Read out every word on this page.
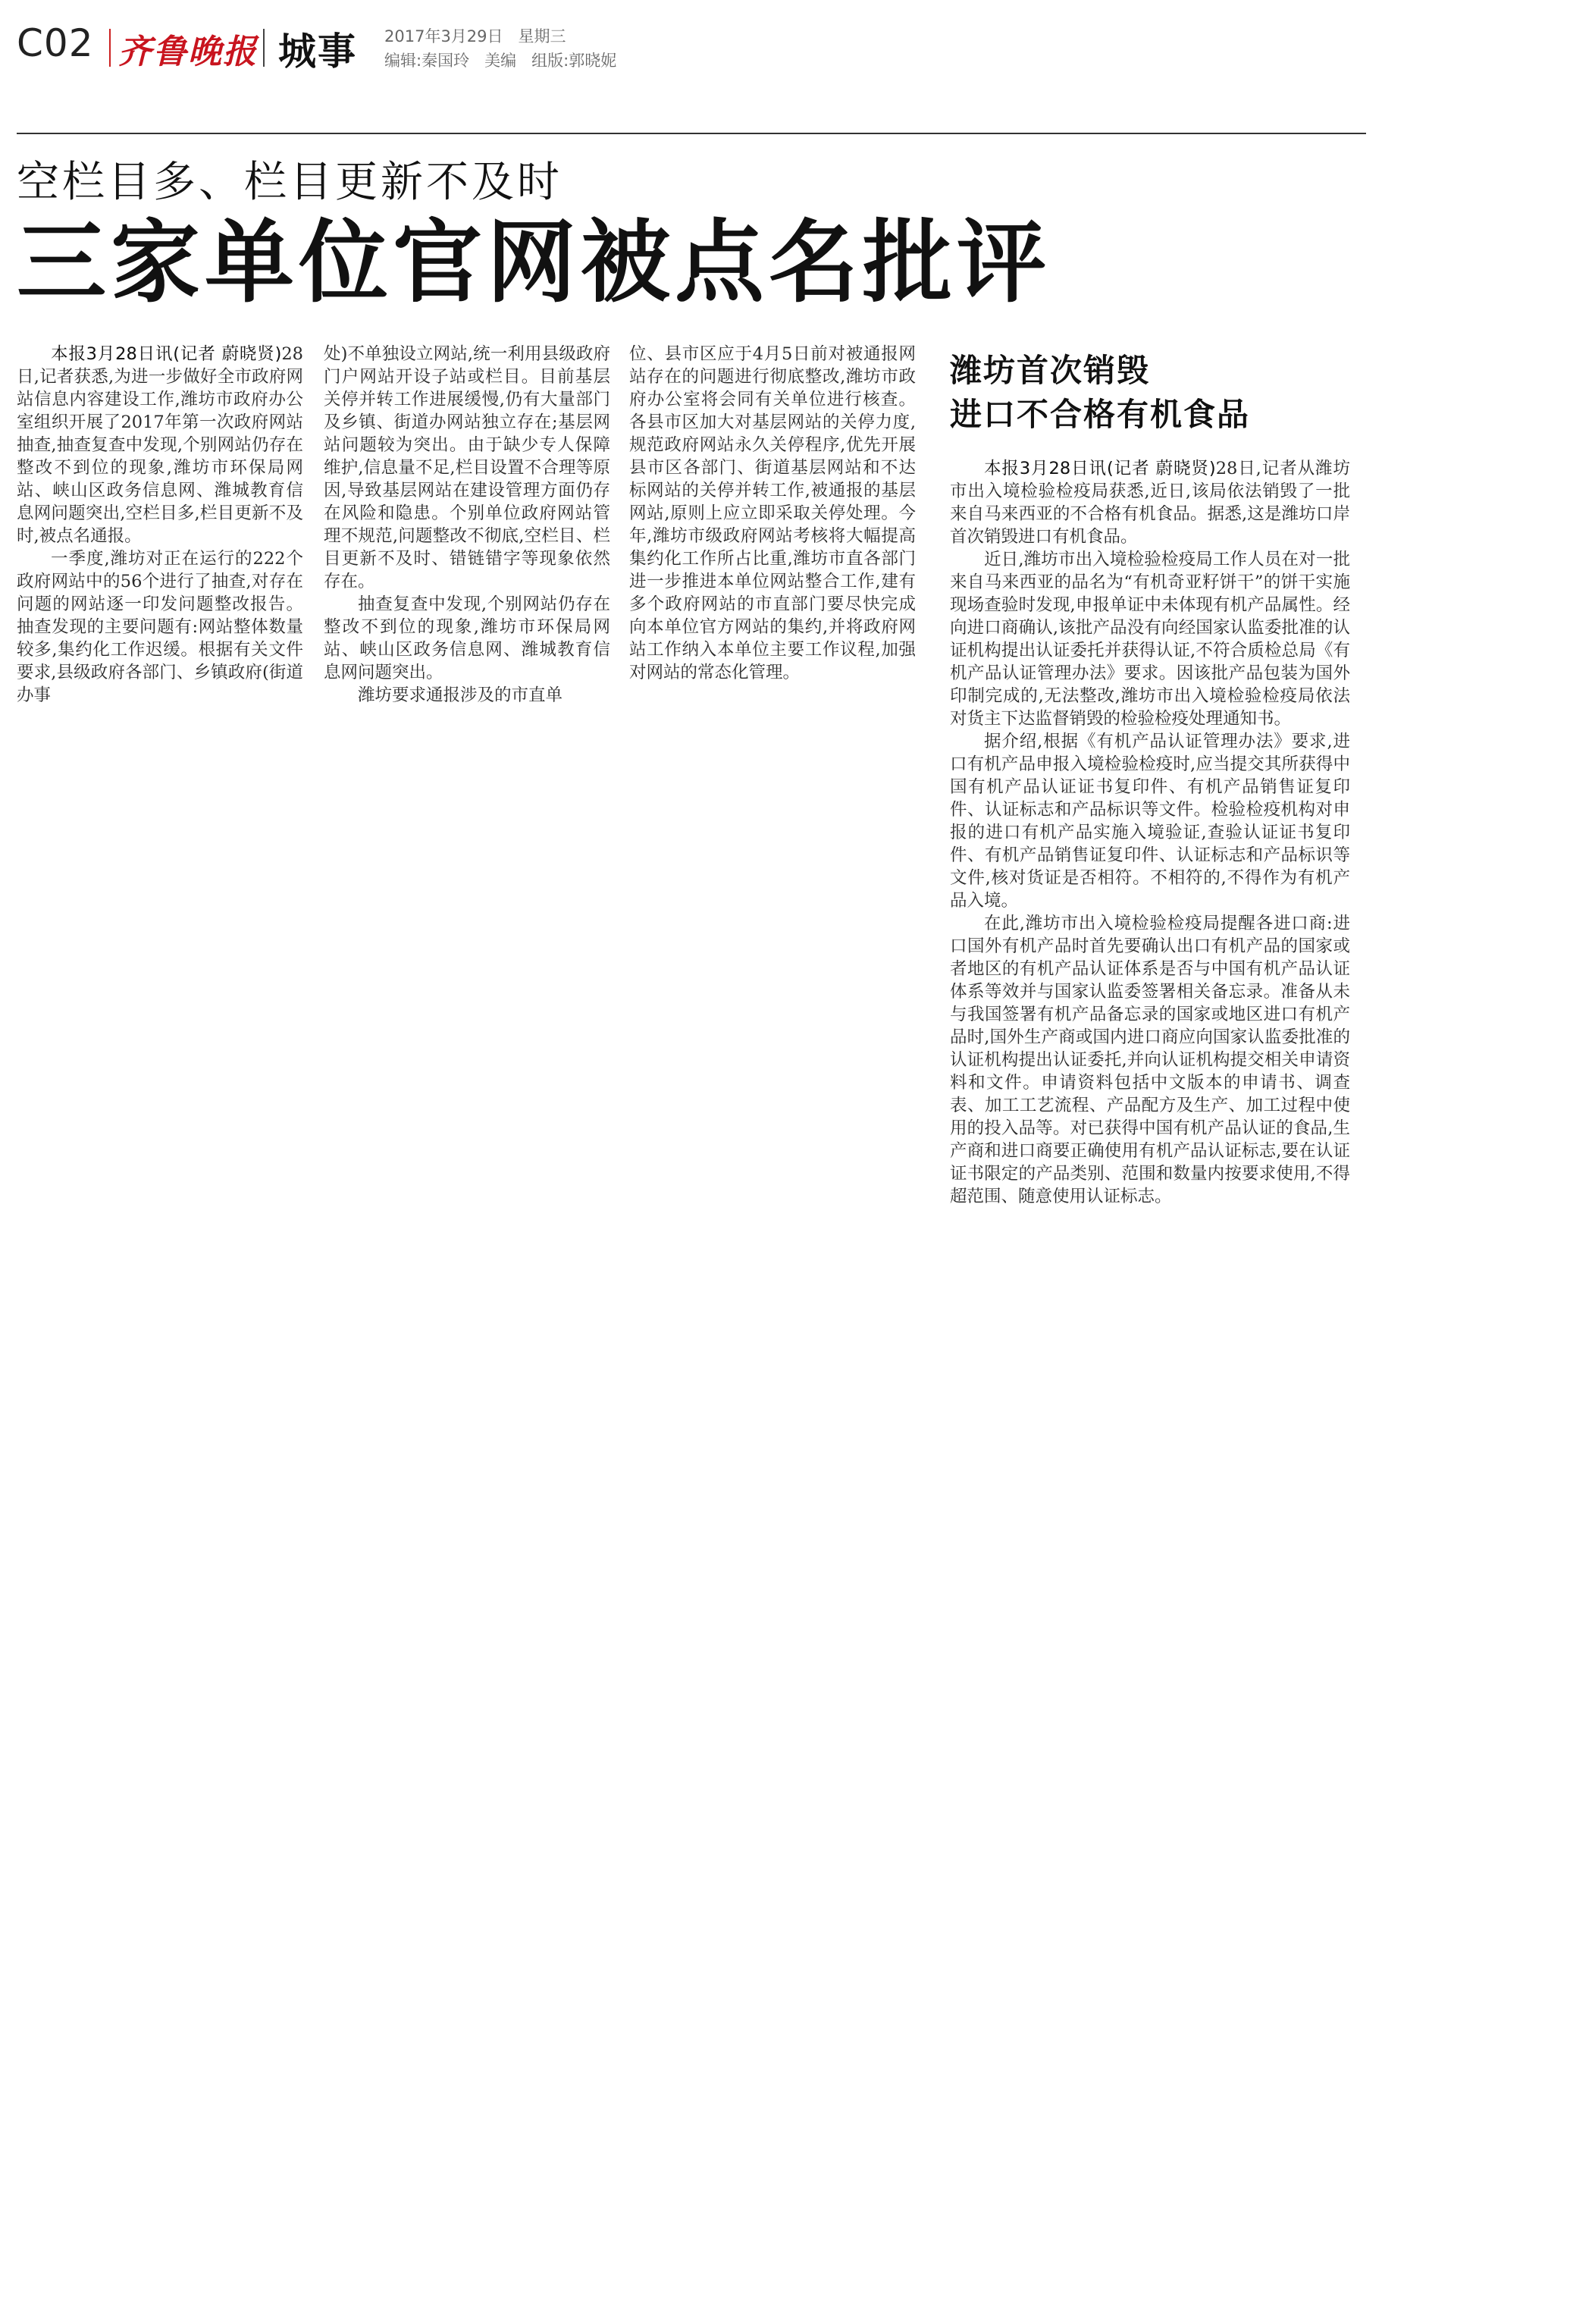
C02 齐鲁晚报 城事 2017年3月29日   星期三
编辑:秦国玲   美编   组版:郭晓妮
空栏目多、栏目更新不及时
三家单位官网被点名批评

本报3月28日讯(记者 蔚晓贤)28日,记者获悉,为进一步做好全市政府网站信息内容建设工作,潍坊市政府办公室组织开展了2017年第一次政府网站抽查,抽查复查中发现,个别网站仍存在整改不到位的现象,潍坊市环保局网站、峡山区政务信息网、潍城教育信息网问题突出,空栏目多,栏目更新不及时,被点名通报。

一季度,潍坊对正在运行的222个政府网站中的56个进行了抽查,对存在问题的网站逐一印发问题整改报告。抽查发现的主要问题有:网站整体数量较多,集约化工作迟缓。根据有关文件要求,县级政府各部门、乡镇政府(街道办事

处)不单独设立网站,统一利用县级政府门户网站开设子站或栏目。目前基层关停并转工作进展缓慢,仍有大量部门及乡镇、街道办网站独立存在;基层网站问题较为突出。由于缺少专人保障维护,信息量不足,栏目设置不合理等原因,导致基层网站在建设管理方面仍存在风险和隐患。个别单位政府网站管理不规范,问题整改不彻底,空栏目、栏目更新不及时、错链错字等现象依然存在。

抽查复查中发现,个别网站仍存在整改不到位的现象,潍坊市环保局网站、峡山区政务信息网、潍城教育信息网问题突出。

潍坊要求通报涉及的市直单

位、县市区应于4月5日前对被通报网站存在的问题进行彻底整改,潍坊市政府办公室将会同有关单位进行核查。各县市区加大对基层网站的关停力度,规范政府网站永久关停程序,优先开展县市区各部门、街道基层网站和不达标网站的关停并转工作,被通报的基层网站,原则上应立即采取关停处理。今年,潍坊市级政府网站考核将大幅提高集约化工作所占比重,潍坊市直各部门进一步推进本单位网站整合工作,建有多个政府网站的市直部门要尽快完成向本单位官方网站的集约,并将政府网站工作纳入本单位主要工作议程,加强对网站的常态化管理。

潍坊首次销毁
进口不合格有机食品

本报3月28日讯(记者 蔚晓贤)28日,记者从潍坊市出入境检验检疫局获悉,近日,该局依法销毁了一批来自马来西亚的不合格有机食品。据悉,这是潍坊口岸首次销毁进口有机食品。

近日,潍坊市出入境检验检疫局工作人员在对一批来自马来西亚的品名为“有机奇亚籽饼干”的饼干实施现场查验时发现,申报单证中未体现有机产品属性。经向进口商确认,该批产品没有向经国家认监委批准的认证机构提出认证委托并获得认证,不符合质检总局《有机产品认证管理办法》要求。因该批产品包装为国外印制完成的,无法整改,潍坊市出入境检验检疫局依法对货主下达监督销毁的检验检疫处理通知书。

据介绍,根据《有机产品认证管理办法》要求,进口有机产品申报入境检验检疫时,应当提交其所获得中国有机产品认证证书复印件、有机产品销售证复印件、认证标志和产品标识等文件。检验检疫机构对申报的进口有机产品实施入境验证,查验认证证书复印件、有机产品销售证复印件、认证标志和产品标识等文件,核对货证是否相符。不相符的,不得作为有机产品入境。

在此,潍坊市出入境检验检疫局提醒各进口商:进口国外有机产品时首先要确认出口有机产品的国家或者地区的有机产品认证体系是否与中国有机产品认证体系等效并与国家认监委签署相关备忘录。准备从未与我国签署有机产品备忘录的国家或地区进口有机产品时,国外生产商或国内进口商应向国家认监委批准的认证机构提出认证委托,并向认证机构提交相关申请资料和文件。申请资料包括中文版本的申请书、调查表、加工工艺流程、产品配方及生产、加工过程中使用的投入品等。对已获得中国有机产品认证的食品,生产商和进口商要正确使用有机产品认证标志,要在认证证书限定的产品类别、范围和数量内按要求使用,不得超范围、随意使用认证标志。
